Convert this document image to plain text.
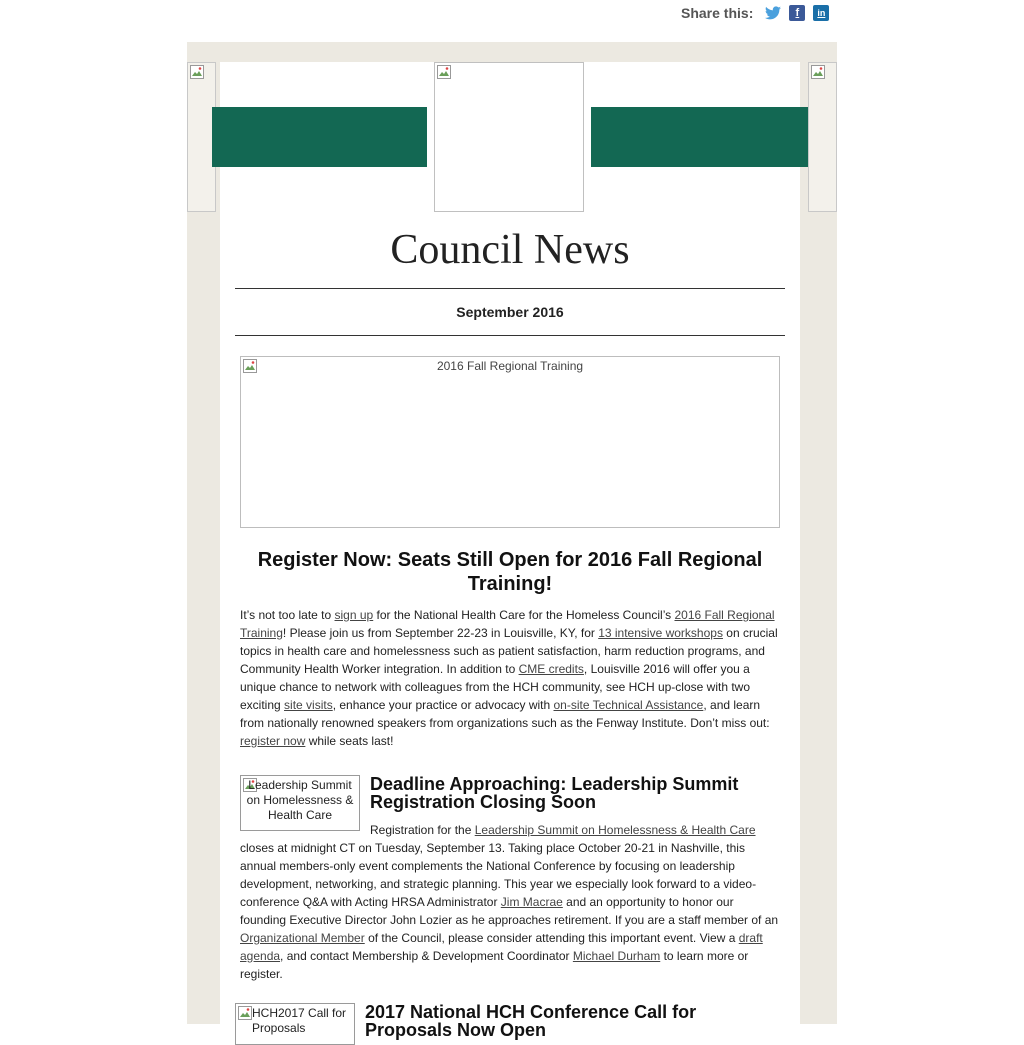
Share this:	f	in
Council News
September 2016
2016 Fall Regional Training
Register Now: Seats Still Open for 2016 Fall Regional Training!

It’s not too late to sign up for the National Health Care for the Homeless Council’s 2016 Fall Regional Training! Please join us from September 22-23 in Louisville, KY, for 13 intensive workshops on crucial topics in health care and homelessness such as patient satisfaction, harm reduction programs, and Community Health Worker integration. In addition to CME credits, Louisville 2016 will offer you a unique chance to network with colleagues from the HCH community, see HCH up-close with two exciting site visits, enhance your practice or advocacy with on-site Technical Assistance, and learn from nationally renowned speakers from organizations such as the Fenway Institute. Don’t miss out: register now while seats last!

Leadership Summit on Homelessness & Health Care
Deadline Approaching: Leadership Summit Registration Closing Soon

Registration for the Leadership Summit on Homelessness & Health Care closes at midnight CT on Tuesday, September 13. Taking place October 20-21 in Nashville, this annual members-only event complements the National Conference by focusing on leadership development, networking, and strategic planning. This year we especially look forward to a video-conference Q&A with Acting HRSA Administrator Jim Macrae and an opportunity to honor our founding Executive Director John Lozier as he approaches retirement. If you are a staff member of an Organizational Member of the Council, please consider attending this important event. View a draft agenda, and contact Membership & Development Coordinator Michael Durham to learn more or register.

HCH2017 Call for Proposals
2017 National HCH Conference Call for Proposals Now Open
